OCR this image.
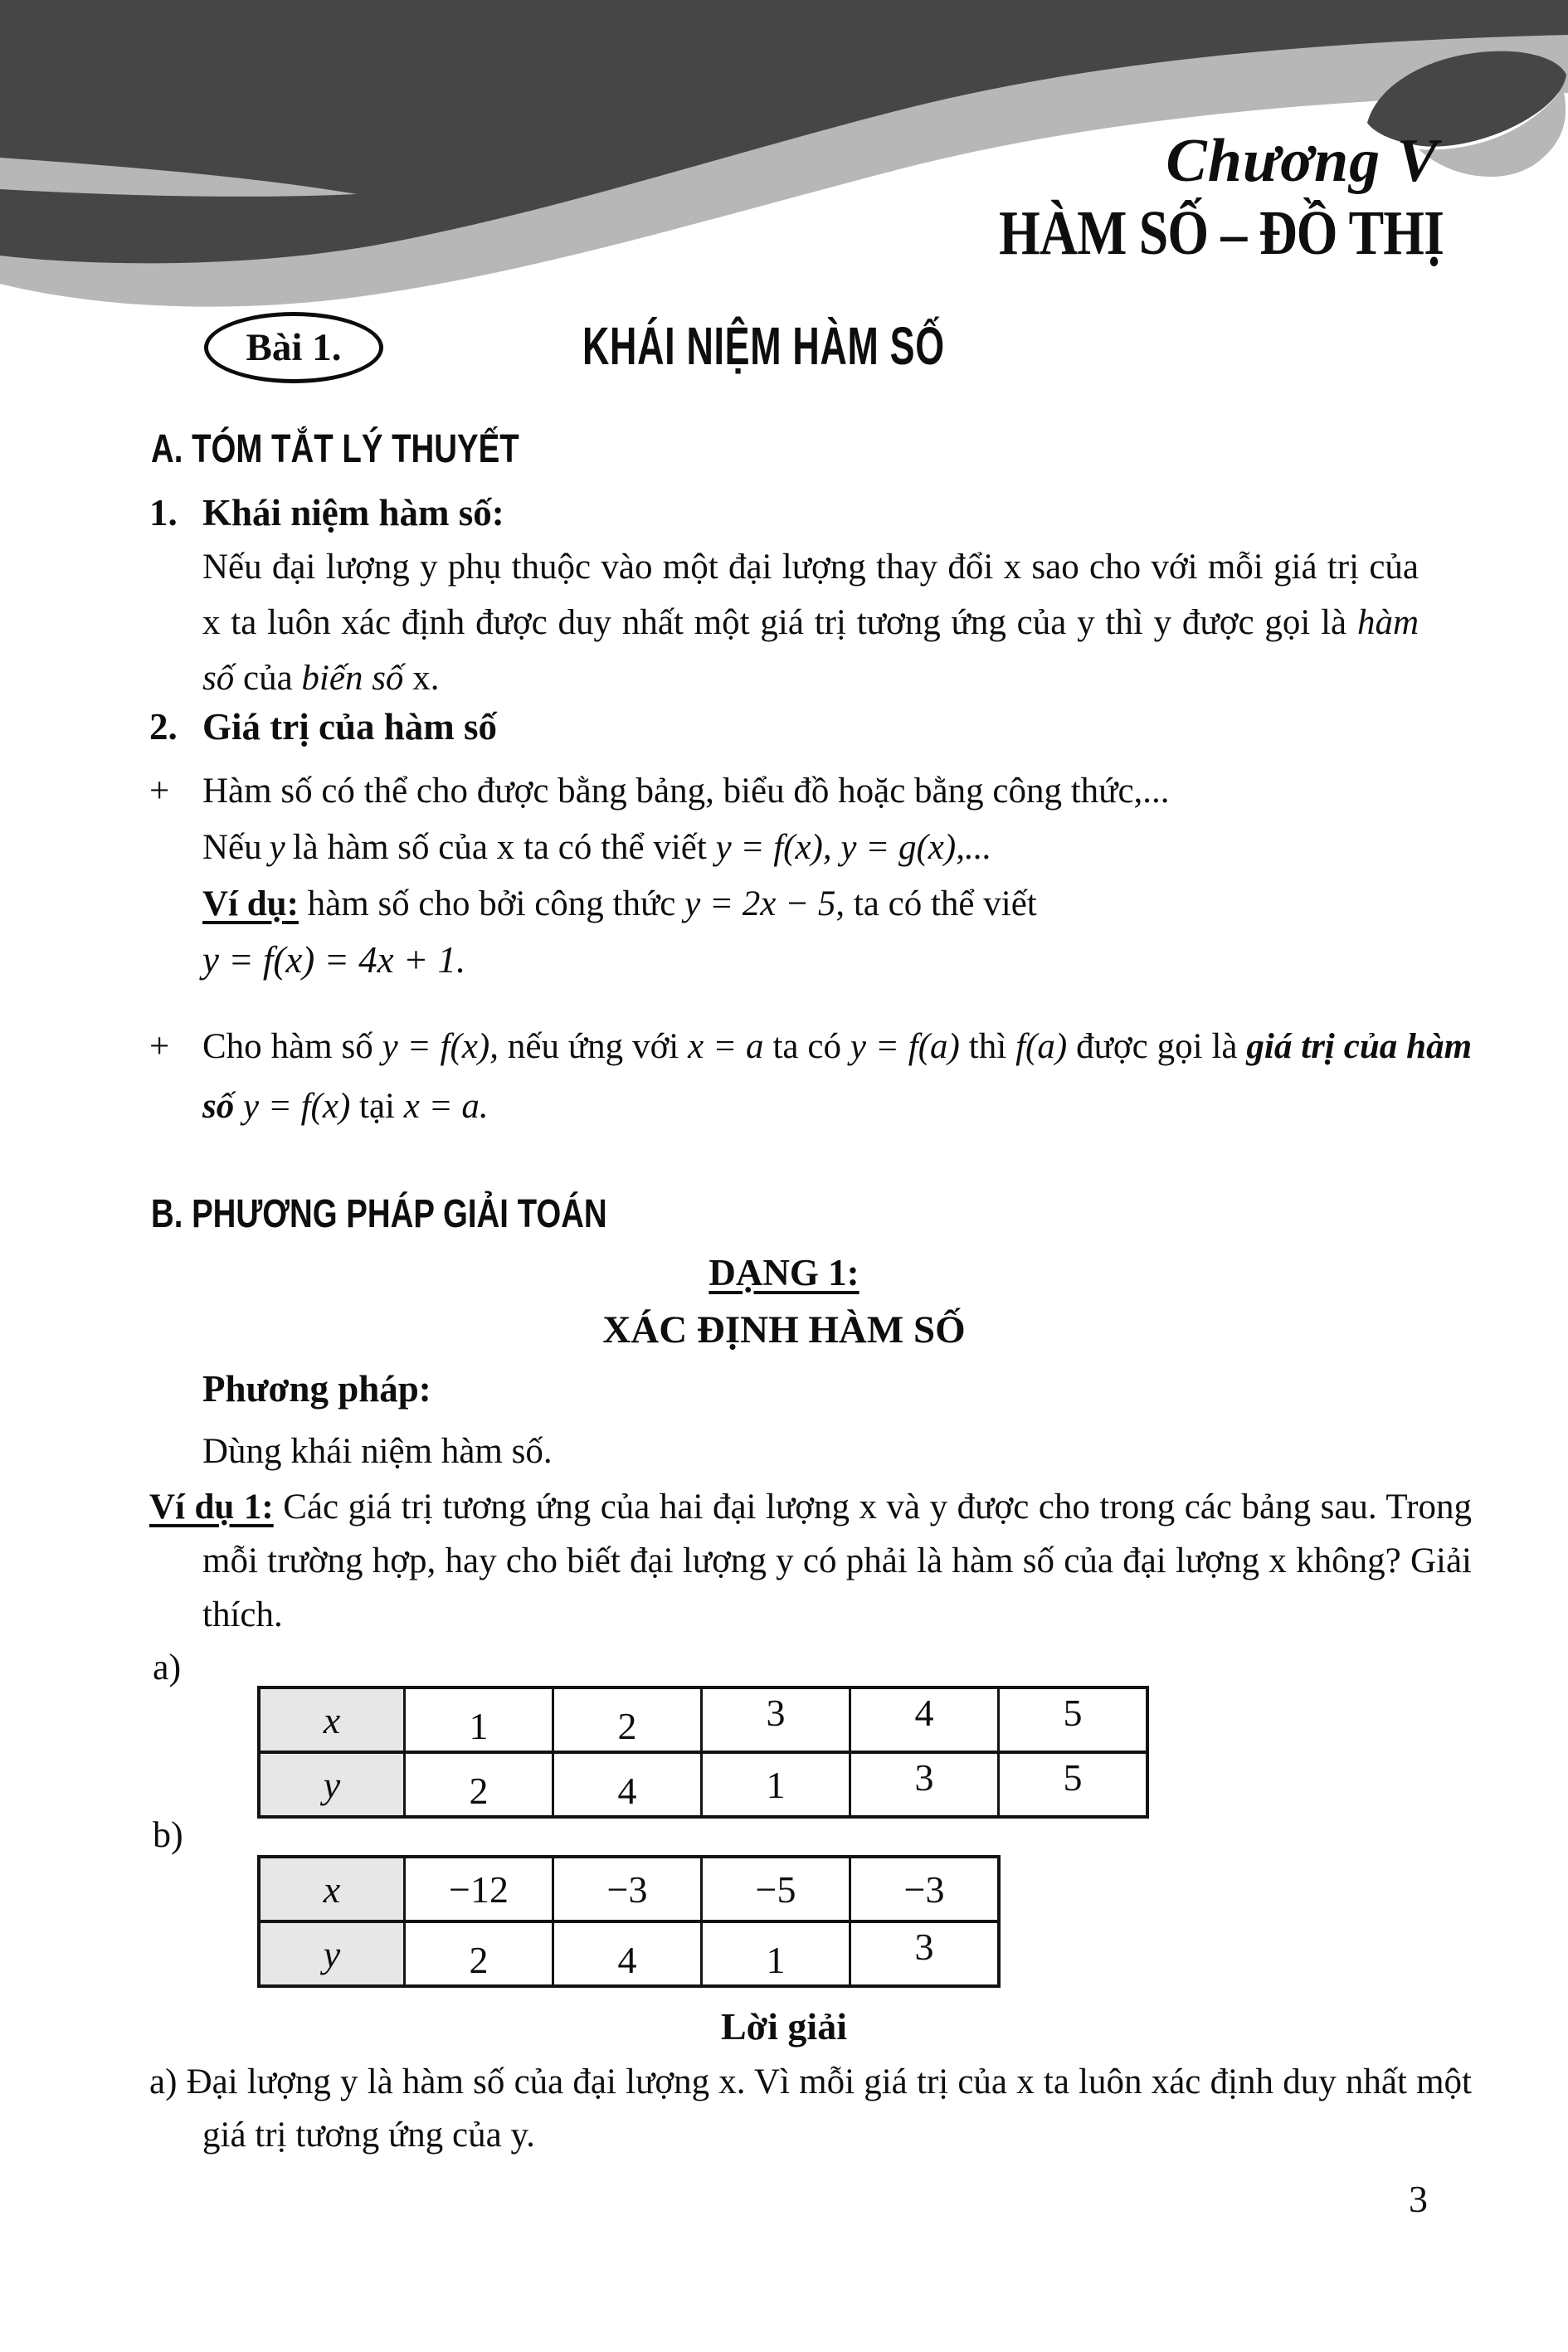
Chương V
HÀM SỐ – ĐỒ THỊ
Bài 1.	KHÁI NIỆM HÀM SỐ
A. TÓM TẮT LÝ THUYẾT
1. Khái niệm hàm số:
Nếu đại lượng y phụ thuộc vào một đại lượng thay đổi x sao cho với mỗi giá trị của x ta luôn xác định được duy nhất một giá trị tương ứng của y thì y được gọi là hàm số của biến số x.
2. Giá trị của hàm số
+ Hàm số có thể cho được bằng bảng, biểu đồ hoặc bằng công thức,...
Nếu y là hàm số của x ta có thể viết y = f(x), y = g(x),...
Ví dụ: hàm số cho bởi công thức y = 2x − 5, ta có thể viết
y = f(x) = 4x + 1.
+ Cho hàm số y = f(x), nếu ứng với x = a ta có y = f(a) thì f(a) được gọi là giá trị của hàm số y = f(x) tại x = a.
B. PHƯƠNG PHÁP GIẢI TOÁN
DẠNG 1:
XÁC ĐỊNH HÀM SỐ
Phương pháp:
Dùng khái niệm hàm số.
Ví dụ 1: Các giá trị tương ứng của hai đại lượng x và y được cho trong các bảng sau. Trong mỗi trường hợp, hay cho biết đại lượng y có phải là hàm số của đại lượng x không? Giải thích.
a)
x	1	2	3	4	5
y	2	4	1	3	5
b)
x	−12	−3	−5	−3
y	2	4	1	3
Lời giải
a) Đại lượng y là hàm số của đại lượng x. Vì mỗi giá trị của x ta luôn xác định duy nhất một giá trị tương ứng của y.
3
